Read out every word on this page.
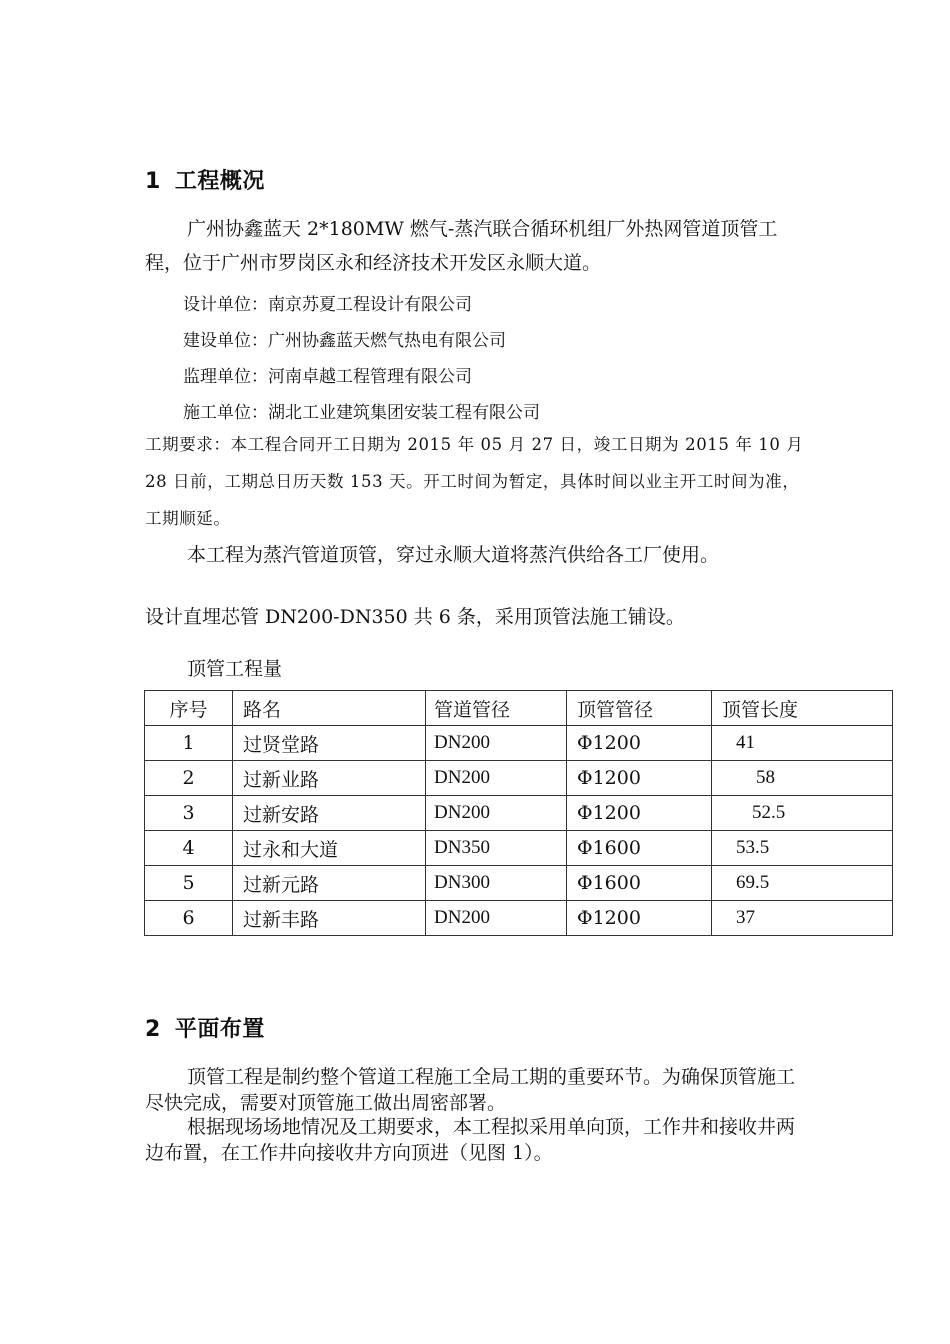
1 工程概况
广州协鑫蓝天 2*180MW 燃气-蒸汽联合循环机组厂外热网管道顶管工程，位于广州市罗岗区永和经济技术开发区永顺大道。
设计单位：南京苏夏工程设计有限公司
建设单位：广州协鑫蓝天燃气热电有限公司
监理单位：河南卓越工程管理有限公司
施工单位：湖北工业建筑集团安装工程有限公司
工期要求：本工程合同开工日期为 2015 年 05 月 27 日，竣工日期为 2015 年 10 月 28 日前，工期总日历天数 153 天。开工时间为暂定，具体时间以业主开工时间为准，工期顺延。
本工程为蒸汽管道顶管，穿过永顺大道将蒸汽供给各工厂使用。
设计直埋芯管 DN200-DN350 共 6 条，采用顶管法施工铺设。
顶管工程量
序号	路名	管道管径	顶管管径	顶管长度
1	过贤堂路	DN200	Φ1200	41
2	过新业路	DN200	Φ1200	58
3	过新安路	DN200	Φ1200	52.5
4	过永和大道	DN350	Φ1600	53.5
5	过新元路	DN300	Φ1600	69.5
6	过新丰路	DN200	Φ1200	37
2 平面布置
顶管工程是制约整个管道工程施工全局工期的重要环节。为确保顶管施工尽快完成，需要对顶管施工做出周密部署。
根据现场场地情况及工期要求，本工程拟采用单向顶，工作井和接收井两边布置，在工作井向接收井方向顶进（见图 1）。
